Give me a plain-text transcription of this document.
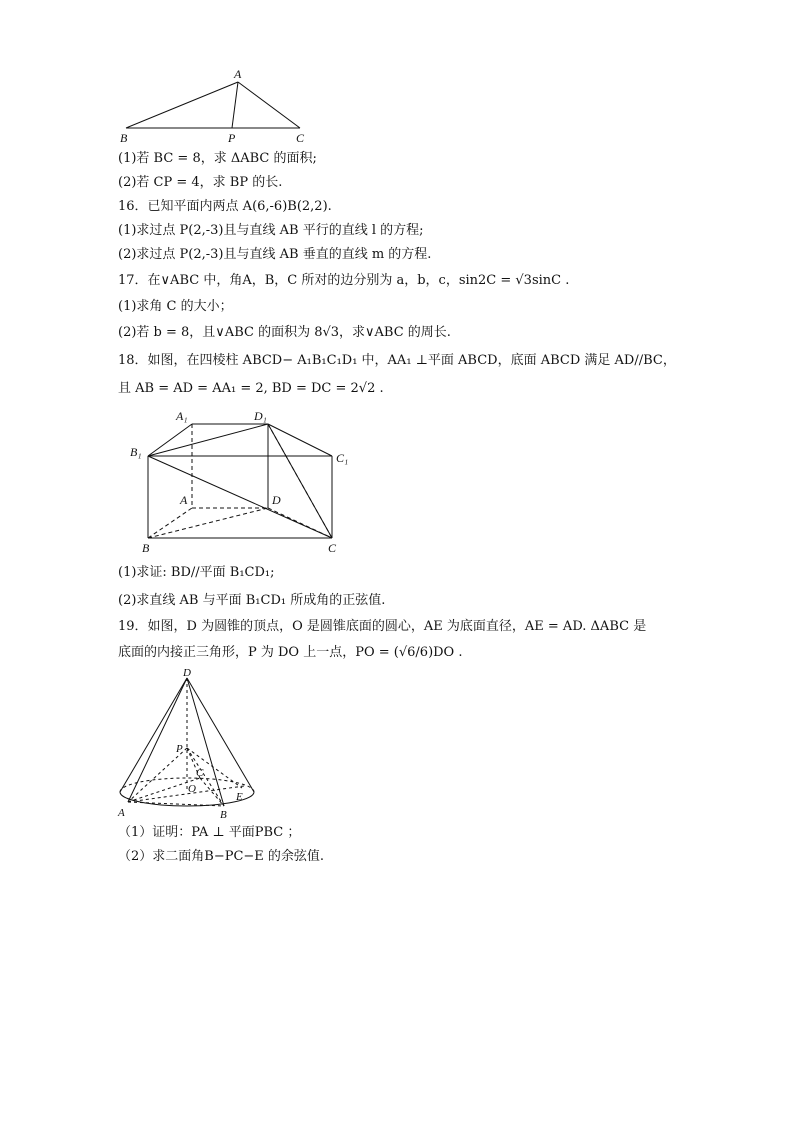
A
B	P	C
(1)若 BC = 8，求 ΔABC 的面积;
(2)若 CP = 4，求 BP 的长.
16．已知平面内两点 A(6,-6)B(2,2).
(1)求过点 P(2,-3)且与直线 AB 平行的直线 l 的方程;
(2)求过点 P(2,-3)且与直线 AB 垂直的直线 m 的方程.
17．在∨ABC 中，角A，B，C 所对的边分别为 a，b，c，sin2C = √3sinC .
(1)求角 C 的大小；
(2)若 b = 8，且∨ABC 的面积为 8√3，求∨ABC 的周长.
18．如图，在四棱柱 ABCD− A₁B₁C₁D₁ 中，AA₁ ⊥平面 ABCD，底面 ABCD 满足 AD//BC，
且 AB = AD = AA₁ = 2, BD = DC = 2√2 .
A₁	D₁
B₁	C₁
A	D
B	C
(1)求证: BD//平面 B₁CD₁;
(2)求直线 AB 与平面 B₁CD₁ 所成角的正弦值.
19．如图，D 为圆锥的顶点，O 是圆锥底面的圆心，AE 为底面直径，AE = AD. ΔABC 是
底面的内接正三角形，P 为 DO 上一点，PO = (√6/6)DO .
D
P
C
O
E
A	B
（1）证明：PA ⊥ 平面PBC ；
（2）求二面角B−PC−E 的余弦值.
